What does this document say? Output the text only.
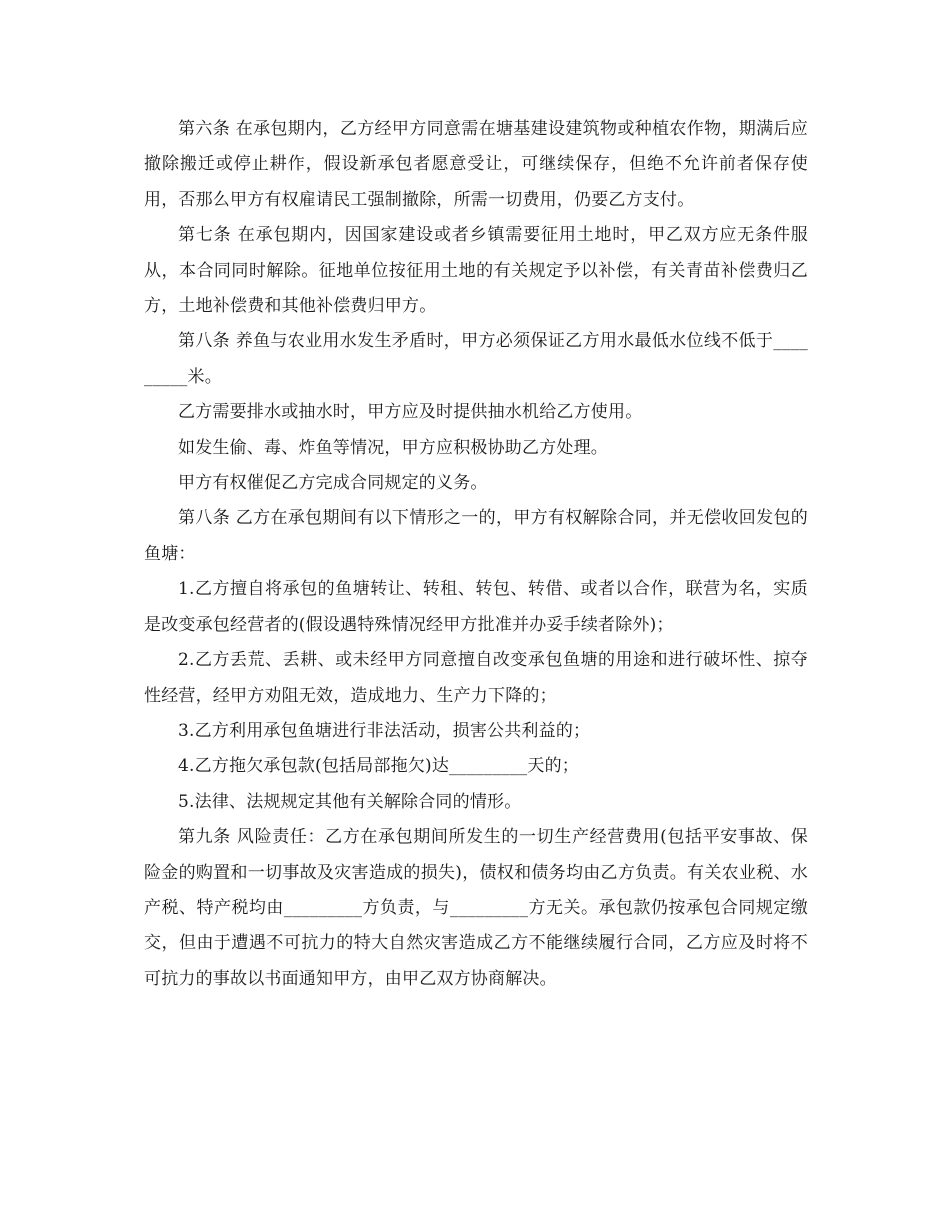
第六条 在承包期内，乙方经甲方同意需在塘基建设建筑物或种植农作物，期满后应撤除搬迁或停止耕作，假设新承包者愿意受让，可继续保存，但绝不允许前者保存使用，否那么甲方有权雇请民工强制撤除，所需一切费用，仍要乙方支付。

第七条 在承包期内，因国家建设或者乡镇需要征用土地时，甲乙双方应无条件服从，本合同同时解除。征地单位按征用土地的有关规定予以补偿，有关青苗补偿费归乙方，土地补偿费和其他补偿费归甲方。

第八条 养鱼与农业用水发生矛盾时，甲方必须保证乙方用水最低水位线不低于_________米。

乙方需要排水或抽水时，甲方应及时提供抽水机给乙方使用。

如发生偷、毒、炸鱼等情况，甲方应积极协助乙方处理。

甲方有权催促乙方完成合同规定的义务。

第八条 乙方在承包期间有以下情形之一的，甲方有权解除合同，并无偿收回发包的鱼塘：

1.乙方擅自将承包的鱼塘转让、转租、转包、转借、或者以合作，联营为名，实质是改变承包经营者的(假设遇特殊情况经甲方批准并办妥手续者除外)；

2.乙方丢荒、丢耕、或未经甲方同意擅自改变承包鱼塘的用途和进行破坏性、掠夺性经营，经甲方劝阻无效，造成地力、生产力下降的；

3.乙方利用承包鱼塘进行非法活动，损害公共利益的；

4.乙方拖欠承包款(包括局部拖欠)达_________天的；

5.法律、法规规定其他有关解除合同的情形。

第九条 风险责任：乙方在承包期间所发生的一切生产经营费用(包括平安事故、保险金的购置和一切事故及灾害造成的损失)，债权和债务均由乙方负责。有关农业税、水产税、特产税均由_________方负责，与_________方无关。承包款仍按承包合同规定缴交，但由于遭遇不可抗力的特大自然灾害造成乙方不能继续履行合同，乙方应及时将不可抗力的事故以书面通知甲方，由甲乙双方协商解决。
